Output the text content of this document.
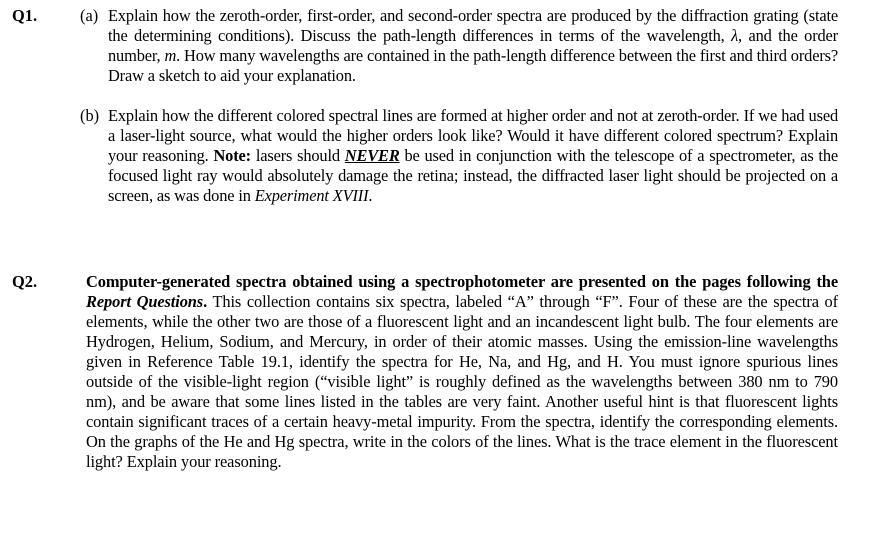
Q1.	(a) Explain how the zeroth-order, first-order, and second-order spectra are produced by the diffraction grating (state the determining conditions). Discuss the path-length differences in terms of the wavelength, λ, and the order number, m. How many wavelengths are contained in the path-length difference between the first and third orders? Draw a sketch to aid your explanation.

(b) Explain how the different colored spectral lines are formed at higher order and not at zeroth-order. If we had used a laser-light source, what would the higher orders look like? Would it have different colored spectrum? Explain your reasoning. Note: lasers should NEVER be used in conjunction with the telescope of a spectrometer, as the focused light ray would absolutely damage the retina; instead, the diffracted laser light should be projected on a screen, as was done in Experiment XVIII.

Q2.	Computer-generated spectra obtained using a spectrophotometer are presented on the pages following the Report Questions. This collection contains six spectra, labeled “A” through “F”. Four of these are the spectra of elements, while the other two are those of a fluorescent light and an incandescent light bulb. The four elements are Hydrogen, Helium, Sodium, and Mercury, in order of their atomic masses. Using the emission-line wavelengths given in Reference Table 19.1, identify the spectra for He, Na, and Hg, and H. You must ignore spurious lines outside of the visible-light region (“visible light” is roughly defined as the wavelengths between 380 nm to 790 nm), and be aware that some lines listed in the tables are very faint. Another useful hint is that fluorescent lights contain significant traces of a certain heavy-metal impurity. From the spectra, identify the corresponding elements. On the graphs of the He and Hg spectra, write in the colors of the lines. What is the trace element in the fluorescent light? Explain your reasoning.
